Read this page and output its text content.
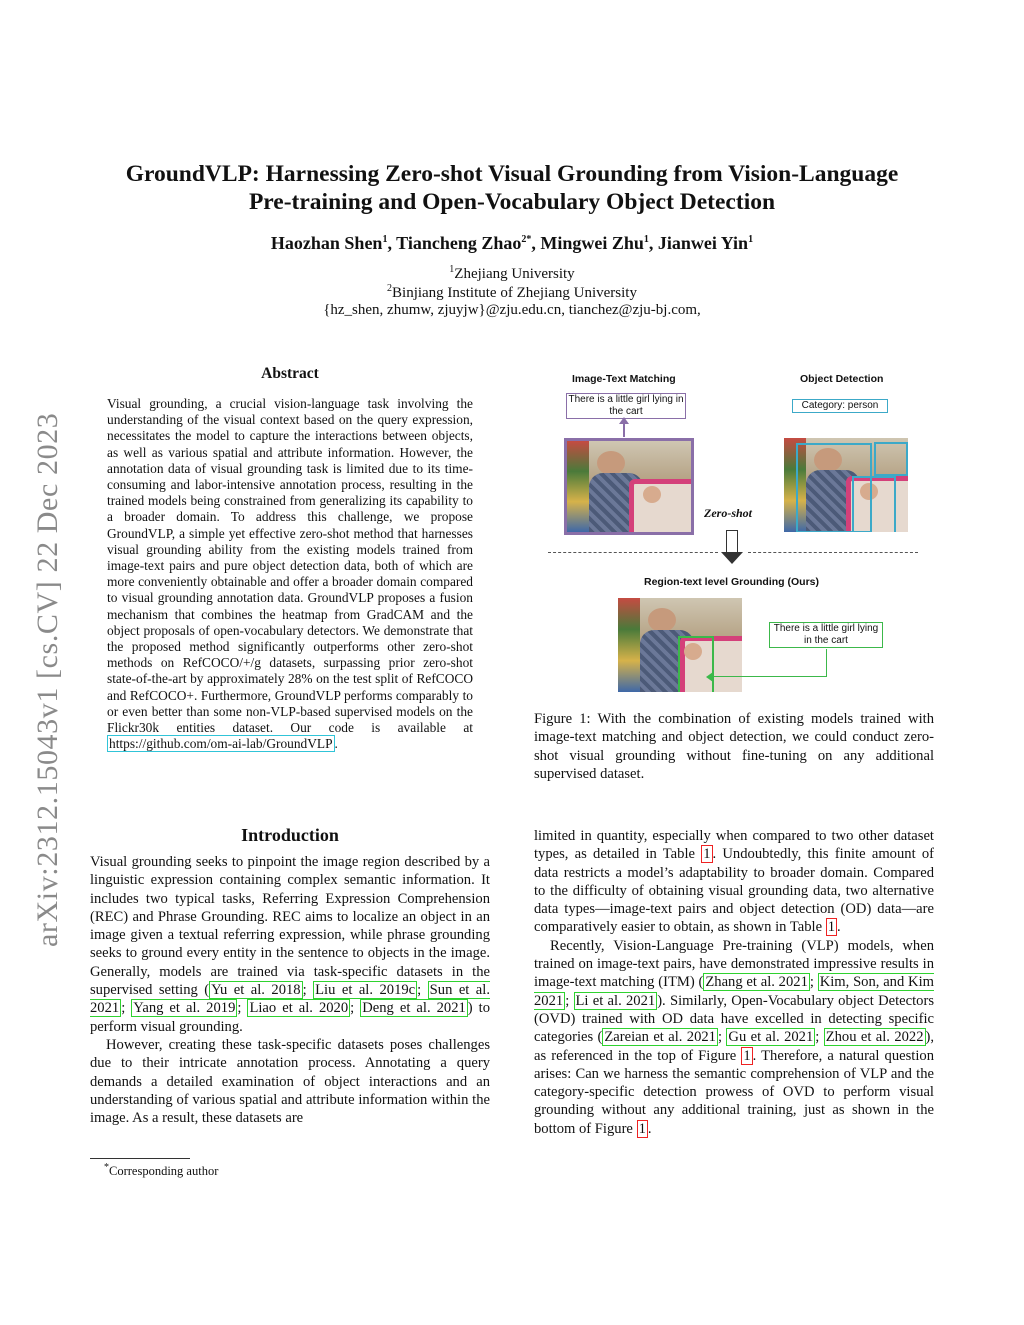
arXiv:2312.15043v1 [cs.CV] 22 Dec 2023
GroundVLP: Harnessing Zero-shot Visual Grounding from Vision-Language
Pre-training and Open-Vocabulary Object Detection
Haozhan Shen$^1$, Tiancheng Zhao$^{2*}$, Mingwei Zhu$^1$, Jianwei Yin$^1$
$^1$Zhejiang University
$^2$Binjiang Institute of Zhejiang University
{hz_shen, zhumw, zjuyjw}@zju.edu.cn, tianchez@zju-bj.com,
Abstract
Visual grounding, a crucial vision-language task involving the understanding of the visual context based on the query expression, necessitates the model to capture the interactions between objects, as well as various spatial and attribute information. However, the annotation data of visual grounding task is limited due to its time-consuming and labor-intensive annotation process, resulting in the trained models being constrained from generalizing its capability to a broader domain. To address this challenge, we propose GroundVLP, a simple yet effective zero-shot method that harnesses visual grounding ability from the existing models trained from image-text pairs and pure object detection data, both of which are more conveniently obtainable and offer a broader domain compared to visual grounding annotation data. GroundVLP proposes a fusion mechanism that combines the heatmap from GradCAM and the object proposals of open-vocabulary detectors. We demonstrate that the proposed method significantly outperforms other zero-shot methods on RefCOCO/+/g datasets, surpassing prior zero-shot state-of-the-art by approximately 28% on the test split of RefCOCO and RefCOCO+. Furthermore, GroundVLP performs comparably to or even better than some non-VLP-based supervised models on the Flickr30k entities dataset. Our code is available at https://github.com/om-ai-lab/GroundVLP .
Image-Text Matching	Object Detection
There is a little girl lying in the cart
Category: person
Zero-shot
Region-text level Grounding (Ours)
There is a little girl lying in the cart
Figure 1: With the combination of existing models trained with image-text matching and object detection, we could conduct zero-shot visual grounding without fine-tuning on any additional supervised dataset.
Introduction
Visual grounding seeks to pinpoint the image region described by a linguistic expression containing complex semantic information. It includes two typical tasks, Referring Expression Comprehension (REC) and Phrase Grounding. REC aims to localize an object in an image given a textual referring expression, while phrase grounding seeks to ground every entity in the sentence to objects in the image. Generally, models are trained via task-specific datasets in the supervised setting ( Yu et al. 2018 ; Liu et al. 2019c ; Sun et al. 2021 ; Yang et al. 2019 ; Liao et al. 2020 ; Deng et al. 2021 ) to perform visual grounding.
However, creating these task-specific datasets poses challenges due to their intricate annotation process. Annotating a query demands a detailed examination of object interactions and an understanding of various spatial and attribute information within the image. As a result, these datasets are
*Corresponding author
limited in quantity, especially when compared to two other dataset types, as detailed in Table 1 . Undoubtedly, this finite amount of data restricts a model’s adaptability to broader domain. Compared to the difficulty of obtaining visual grounding data, two alternative data types—image-text pairs and object detection (OD) data—are comparatively easier to obtain, as shown in Table 1 .
Recently, Vision-Language Pre-training (VLP) models, when trained on image-text pairs, have demonstrated impressive results in image-text matching (ITM) ( Zhang et al. 2021 ; Kim, Son, and Kim 2021 ; Li et al. 2021 ). Similarly, Open-Vocabulary object Detectors (OVD) trained with OD data have excelled in detecting specific categories ( Zareian et al. 2021 ; Gu et al. 2021 ; Zhou et al. 2022 ), as referenced in the top of Figure 1 . Therefore, a natural question arises: Can we harness the semantic comprehension of VLP and the category-specific detection prowess of OVD to perform visual grounding without any additional training, just as shown in the bottom of Figure 1 .
